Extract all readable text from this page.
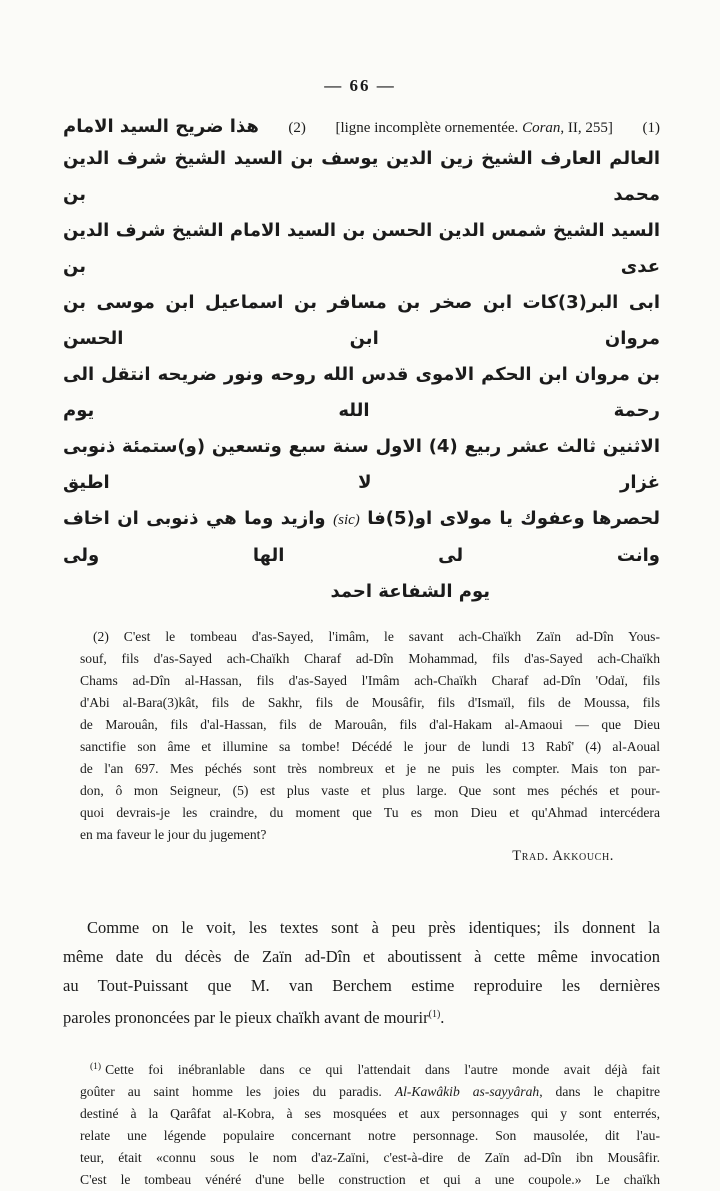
— 66 —
هذا ضريح السيد الامام (2) [ligne incomplète ornementée. Coran, II, 255] (1)
العالم العارف الشيخ زين الدين يوسف بن السيد الشيخ شرف الدين محمد بن
السيد الشيخ شمس الدين الحسن بن السيد الامام الشيخ شرف الدين عدى بن
ابى البر(3)كات ابن صخر بن مسافر بن اسماعيل ابن موسى بن مروان ابن الحسن
بن مروان ابن الحكم الاموى قدس الله روحه ونور ضريحه انتقل الى رحمة الله يوم
الاثنين ثالث عشر ربيع (4) الاول سنة سبع وتسعين (و)ستمئة ذنوبى غزار لا اطيق
لحصرها وعفوك يا مولاى او(5)فا (sic) وازيد وما هي ذنوبى ان اخاف وانت لى الها ولى
يوم الشفاعة احمد
(2) C'est le tombeau d'as-Sayed, l'imâm, le savant ach-Chaïkh Zaïn ad-Dîn Yous-
souf, fils d'as-Sayed ach-Chaïkh Charaf ad-Dîn Mohammad, fils d'as-Sayed ach-Chaïkh
Chams ad-Dîn al-Hassan, fils d'as-Sayed l'Imâm ach-Chaïkh Charaf ad-Dîn 'Odaï, fils
d'Abi al-Bara(3)kât, fils de Sakhr, fils de Mousâfir, fils d'Ismaïl, fils de Moussa, fils
de Marouân, fils d'al-Hassan, fils de Marouân, fils d'al-Hakam al-Amaoui — que Dieu
sanctifie son âme et illumine sa tombe! Décédé le jour de lundi 13 Rabî' (4) al-Aoual
de l'an 697. Mes péchés sont très nombreux et je ne puis les compter. Mais ton par-
don, ô mon Seigneur, (5) est plus vaste et plus large. Que sont mes péchés et pour-
quoi devrais-je les craindre, du moment que Tu es mon Dieu et qu'Ahmad intercédera
en ma faveur le jour du jugement?
Trad. Akkouch.
Comme on le voit, les textes sont à peu près identiques; ils donnent la
même date du décès de Zaïn ad-Dîn et aboutissent à cette même invocation
au Tout-Puissant que M. van Berchem estime reproduire les dernières
paroles prononcées par le pieux chaïkh avant de mourir$^{(1)}$.
$^{(1)}$ Cette foi inébranlable dans ce qui l'attendait dans l'autre monde avait déjà fait
goûter au saint homme les joies du paradis. Al-Kawâkib as-sayyârah, dans le chapitre
destiné à la Qarâfat al-Kobra, à ses mosquées et aux personnages qui y sont enterrés,
relate une légende populaire concernant notre personnage. Son mausolée, dit l'au-
teur, était «connu sous le nom d'az-Zaïni, c'est-à-dire de Zaïn ad-Dîn ibn Mousâfir.
C'est le tombeau vénéré d'une belle construction et qui a une coupole.» Le chaïkh
